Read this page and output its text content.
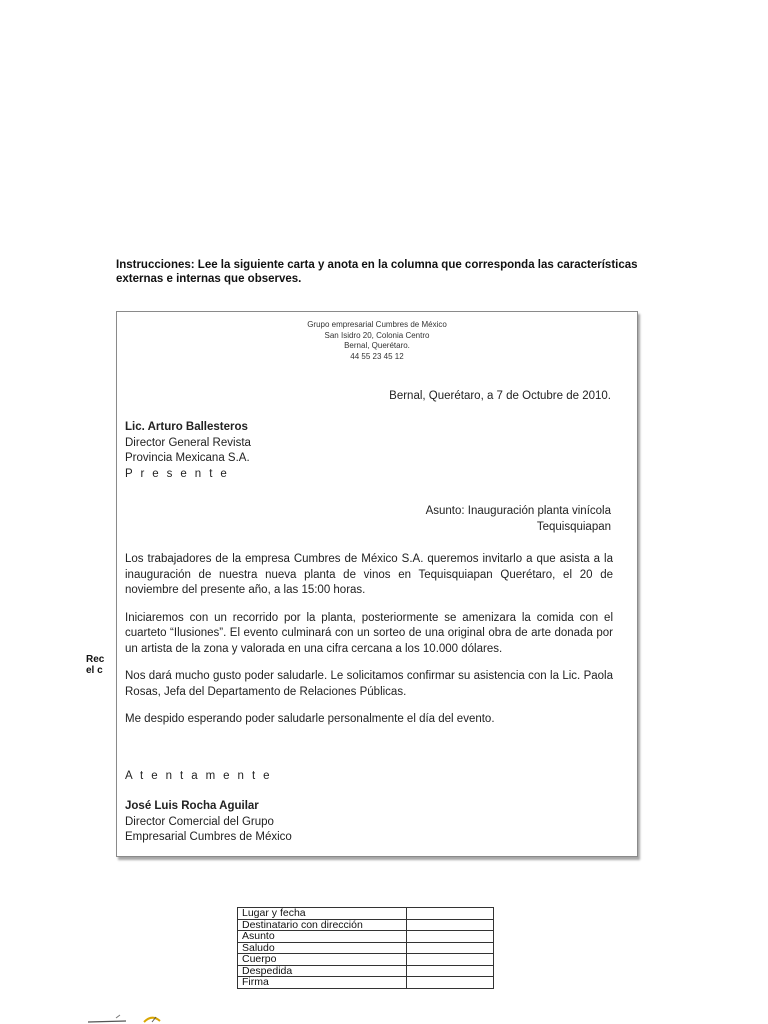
Instrucciones: Lee la siguiente carta y anota en la columna que corresponda las características externas e internas que observes.
Rec
el c
Grupo empresarial Cumbres de México
San Isidro 20, Colonia Centro
Bernal, Querétaro.
44 55 23 45 12
Bernal, Querétaro, a 7 de Octubre de 2010.
Lic. Arturo Ballesteros
Director General Revista
Provincia Mexicana S.A.
P r e s e n t e
Asunto: Inauguración planta vinícola
Tequisquiapan

Los trabajadores de la empresa Cumbres de México S.A. queremos invitarlo a que asista a la inauguración de nuestra nueva planta de vinos en Tequisquiapan Querétaro, el 20 de noviembre del presente año, a las 15:00 horas.

Iniciaremos con un recorrido por la planta, posteriormente se amenizara la comida con el cuarteto “Ilusiones”. El evento culminará con un sorteo de una original obra de arte donada por un artista de la zona y valorada en una cifra cercana a los 10.000 dólares.

Nos dará mucho gusto poder saludarle. Le solicitamos confirmar su asistencia con la Lic. Paola Rosas, Jefa del Departamento de Relaciones Públicas.

Me despido esperando poder saludarle personalmente el día del evento.

A t e n t a m e n t e
José Luis Rocha Aguilar
Director Comercial del Grupo
Empresarial Cumbres de México
Lugar y fecha	
Destinatario con dirección	
Asunto	
Saludo	
Cuerpo	
Despedida	
Firma	
